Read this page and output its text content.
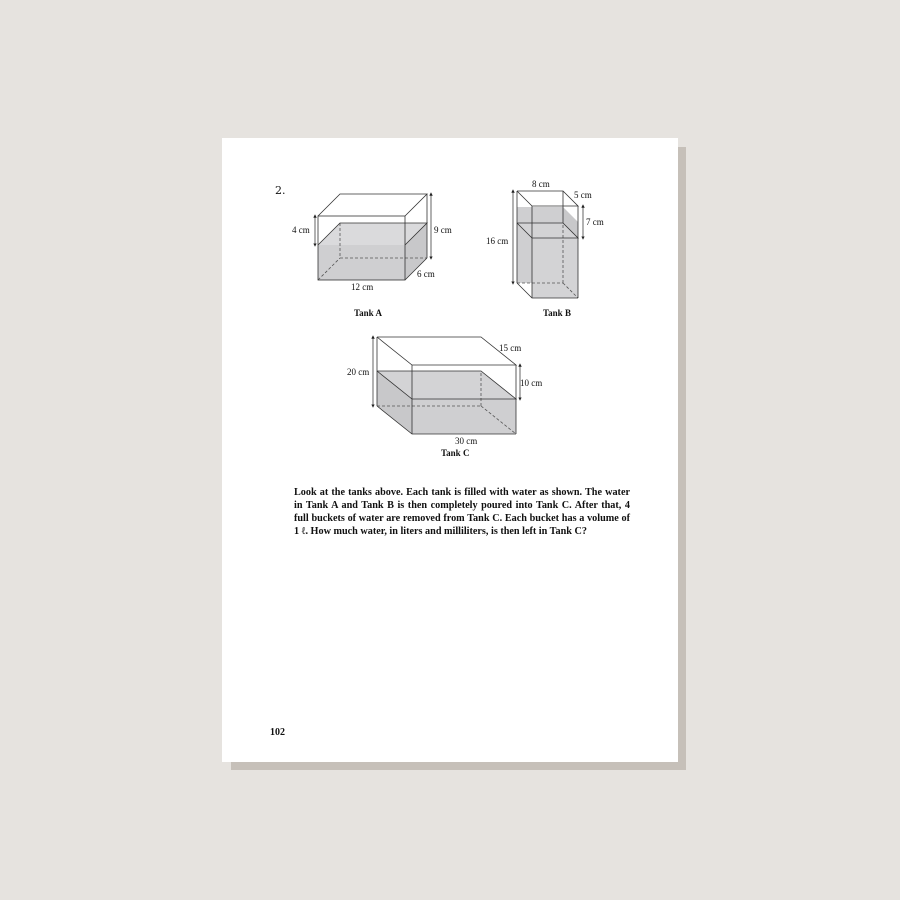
2.
4 cm	9 cm
6 cm
12 cm
Tank A
8 cm
5 cm
7 cm
16 cm
Tank B
15 cm
20 cm
10 cm
30 cm
Tank C
Look at the tanks above. Each tank is filled with water as shown. The water in Tank A and Tank B is then completely poured into Tank C. After that, 4 full buckets of water are removed from Tank C. Each bucket has a volume of 1 ℓ. How much water, in liters and milliliters, is then left in Tank C?
102
